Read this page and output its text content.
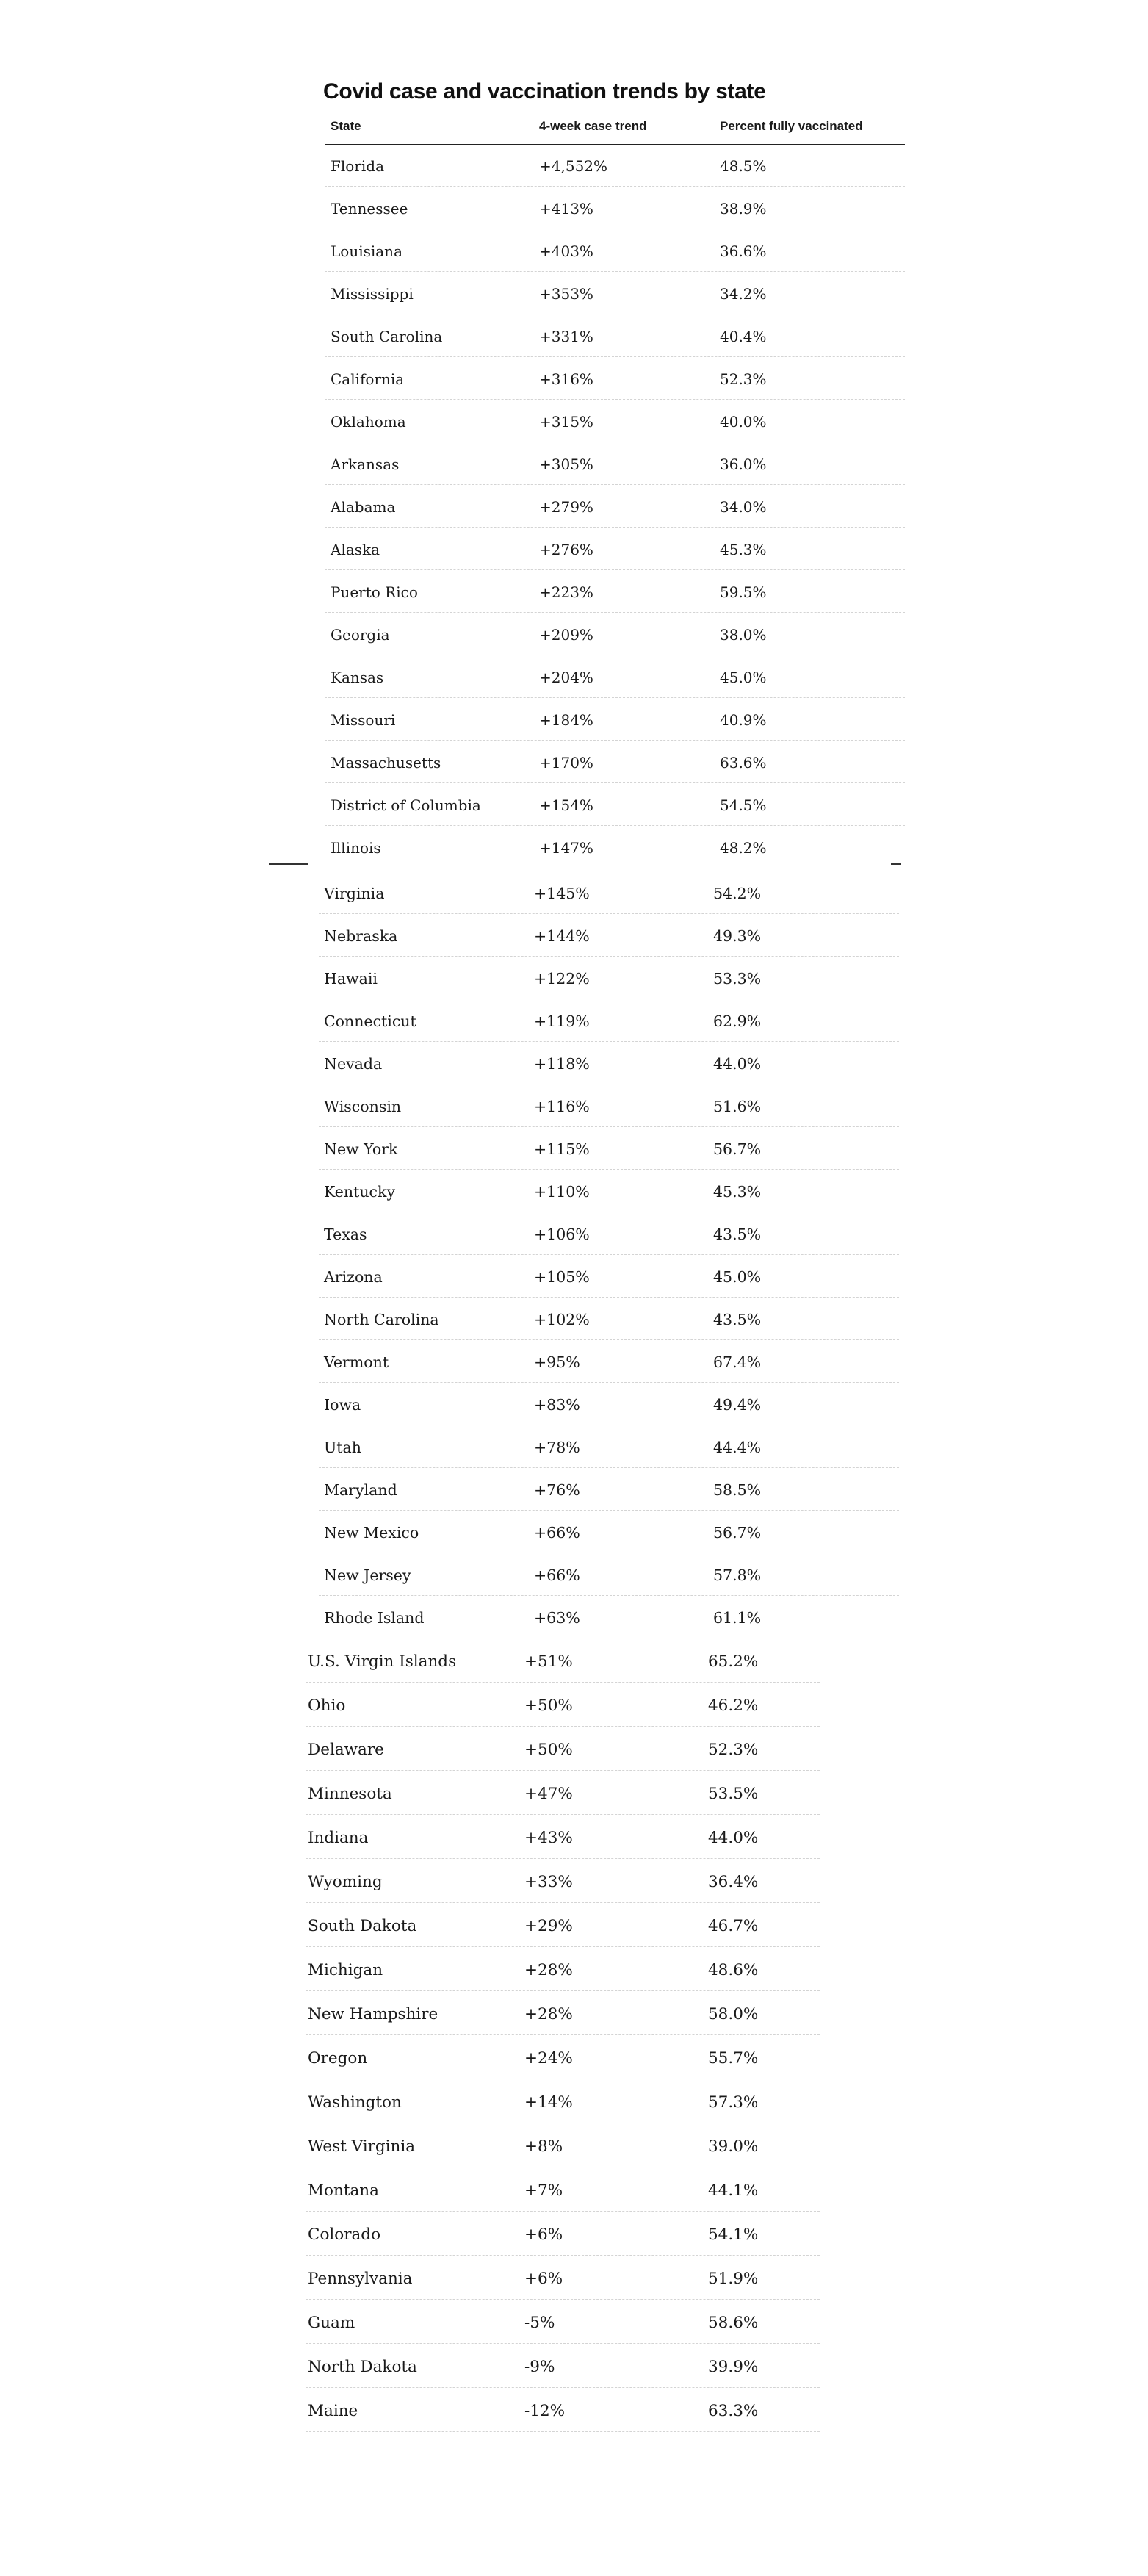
Covid case and vaccination trends by state
State	4-week case trend	Percent fully vaccinated
Florida	+4,552%	48.5%
Tennessee	+413%	38.9%
Louisiana	+403%	36.6%
Mississippi	+353%	34.2%
South Carolina	+331%	40.4%
California	+316%	52.3%
Oklahoma	+315%	40.0%
Arkansas	+305%	36.0%
Alabama	+279%	34.0%
Alaska	+276%	45.3%
Puerto Rico	+223%	59.5%
Georgia	+209%	38.0%
Kansas	+204%	45.0%
Missouri	+184%	40.9%
Massachusetts	+170%	63.6%
District of Columbia	+154%	54.5%
Illinois	+147%	48.2%
Virginia	+145%	54.2%
Nebraska	+144%	49.3%
Hawaii	+122%	53.3%
Connecticut	+119%	62.9%
Nevada	+118%	44.0%
Wisconsin	+116%	51.6%
New York	+115%	56.7%
Kentucky	+110%	45.3%
Texas	+106%	43.5%
Arizona	+105%	45.0%
North Carolina	+102%	43.5%
Vermont	+95%	67.4%
Iowa	+83%	49.4%
Utah	+78%	44.4%
Maryland	+76%	58.5%
New Mexico	+66%	56.7%
New Jersey	+66%	57.8%
Rhode Island	+63%	61.1%
U.S. Virgin Islands	+51%	65.2%
Ohio	+50%	46.2%
Delaware	+50%	52.3%
Minnesota	+47%	53.5%
Indiana	+43%	44.0%
Wyoming	+33%	36.4%
South Dakota	+29%	46.7%
Michigan	+28%	48.6%
New Hampshire	+28%	58.0%
Oregon	+24%	55.7%
Washington	+14%	57.3%
West Virginia	+8%	39.0%
Montana	+7%	44.1%
Colorado	+6%	54.1%
Pennsylvania	+6%	51.9%
Guam	-5%	58.6%
North Dakota	-9%	39.9%
Maine	-12%	63.3%
